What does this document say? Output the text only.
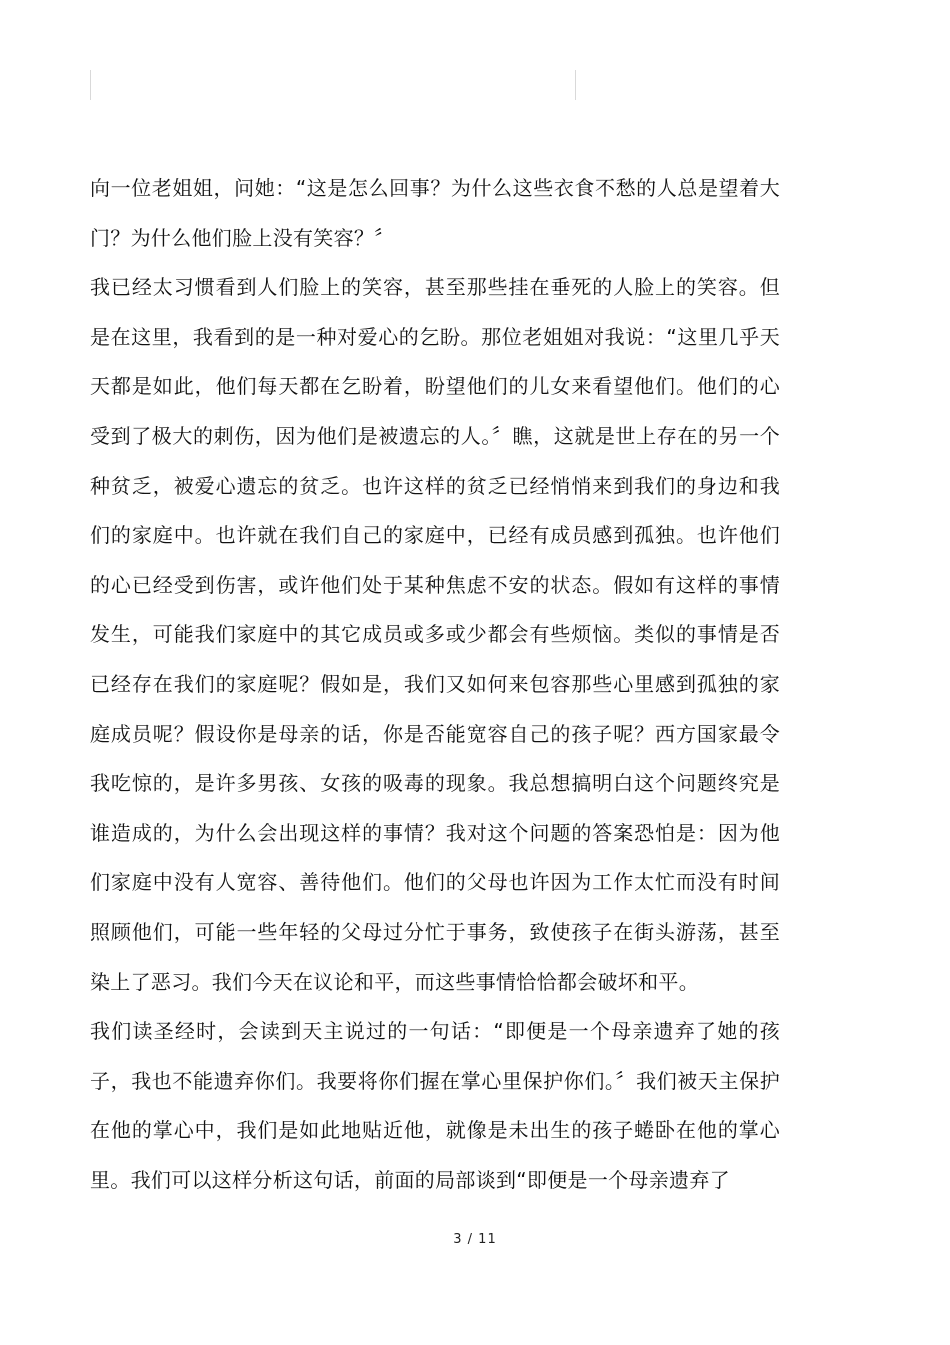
向一位老姐姐，问她：“这是怎么回事？为什么这些衣食不愁的人总是望着大门？为什么他们脸上没有笑容？〞

我已经太习惯看到人们脸上的笑容，甚至那些挂在垂死的人脸上的笑容。但是在这里，我看到的是一种对爱心的乞盼。那位老姐姐对我说：“这里几乎天天都是如此，他们每天都在乞盼着，盼望他们的儿女来看望他们。他们的心受到了极大的刺伤，因为他们是被遗忘的人。〞瞧，这就是世上存在的另一个种贫乏，被爱心遗忘的贫乏。也许这样的贫乏已经悄悄来到我们的身边和我们的家庭中。也许就在我们自己的家庭中，已经有成员感到孤独。也许他们的心已经受到伤害，或许他们处于某种焦虑不安的状态。假如有这样的事情发生，可能我们家庭中的其它成员或多或少都会有些烦恼。类似的事情是否已经存在我们的家庭呢？假如是，我们又如何来包容那些心里感到孤独的家庭成员呢？假设你是母亲的话，你是否能宽容自己的孩子呢？西方国家最令我吃惊的，是许多男孩、女孩的吸毒的现象。我总想搞明白这个问题终究是谁造成的，为什么会出现这样的事情？我对这个问题的答案恐怕是：因为他们家庭中没有人宽容、善待他们。他们的父母也许因为工作太忙而没有时间照顾他们，可能一些年轻的父母过分忙于事务，致使孩子在街头游荡，甚至染上了恶习。我们今天在议论和平，而这些事情恰恰都会破坏和平。

我们读圣经时，会读到天主说过的一句话：“即便是一个母亲遗弃了她的孩子，我也不能遗弃你们。我要将你们握在掌心里保护你们。〞我们被天主保护在他的掌心中，我们是如此地贴近他，就像是未出生的孩子蜷卧在他的掌心里。我们可以这样分析这句话，前面的局部谈到“即便是一个母亲遗弃了

3 / 11
